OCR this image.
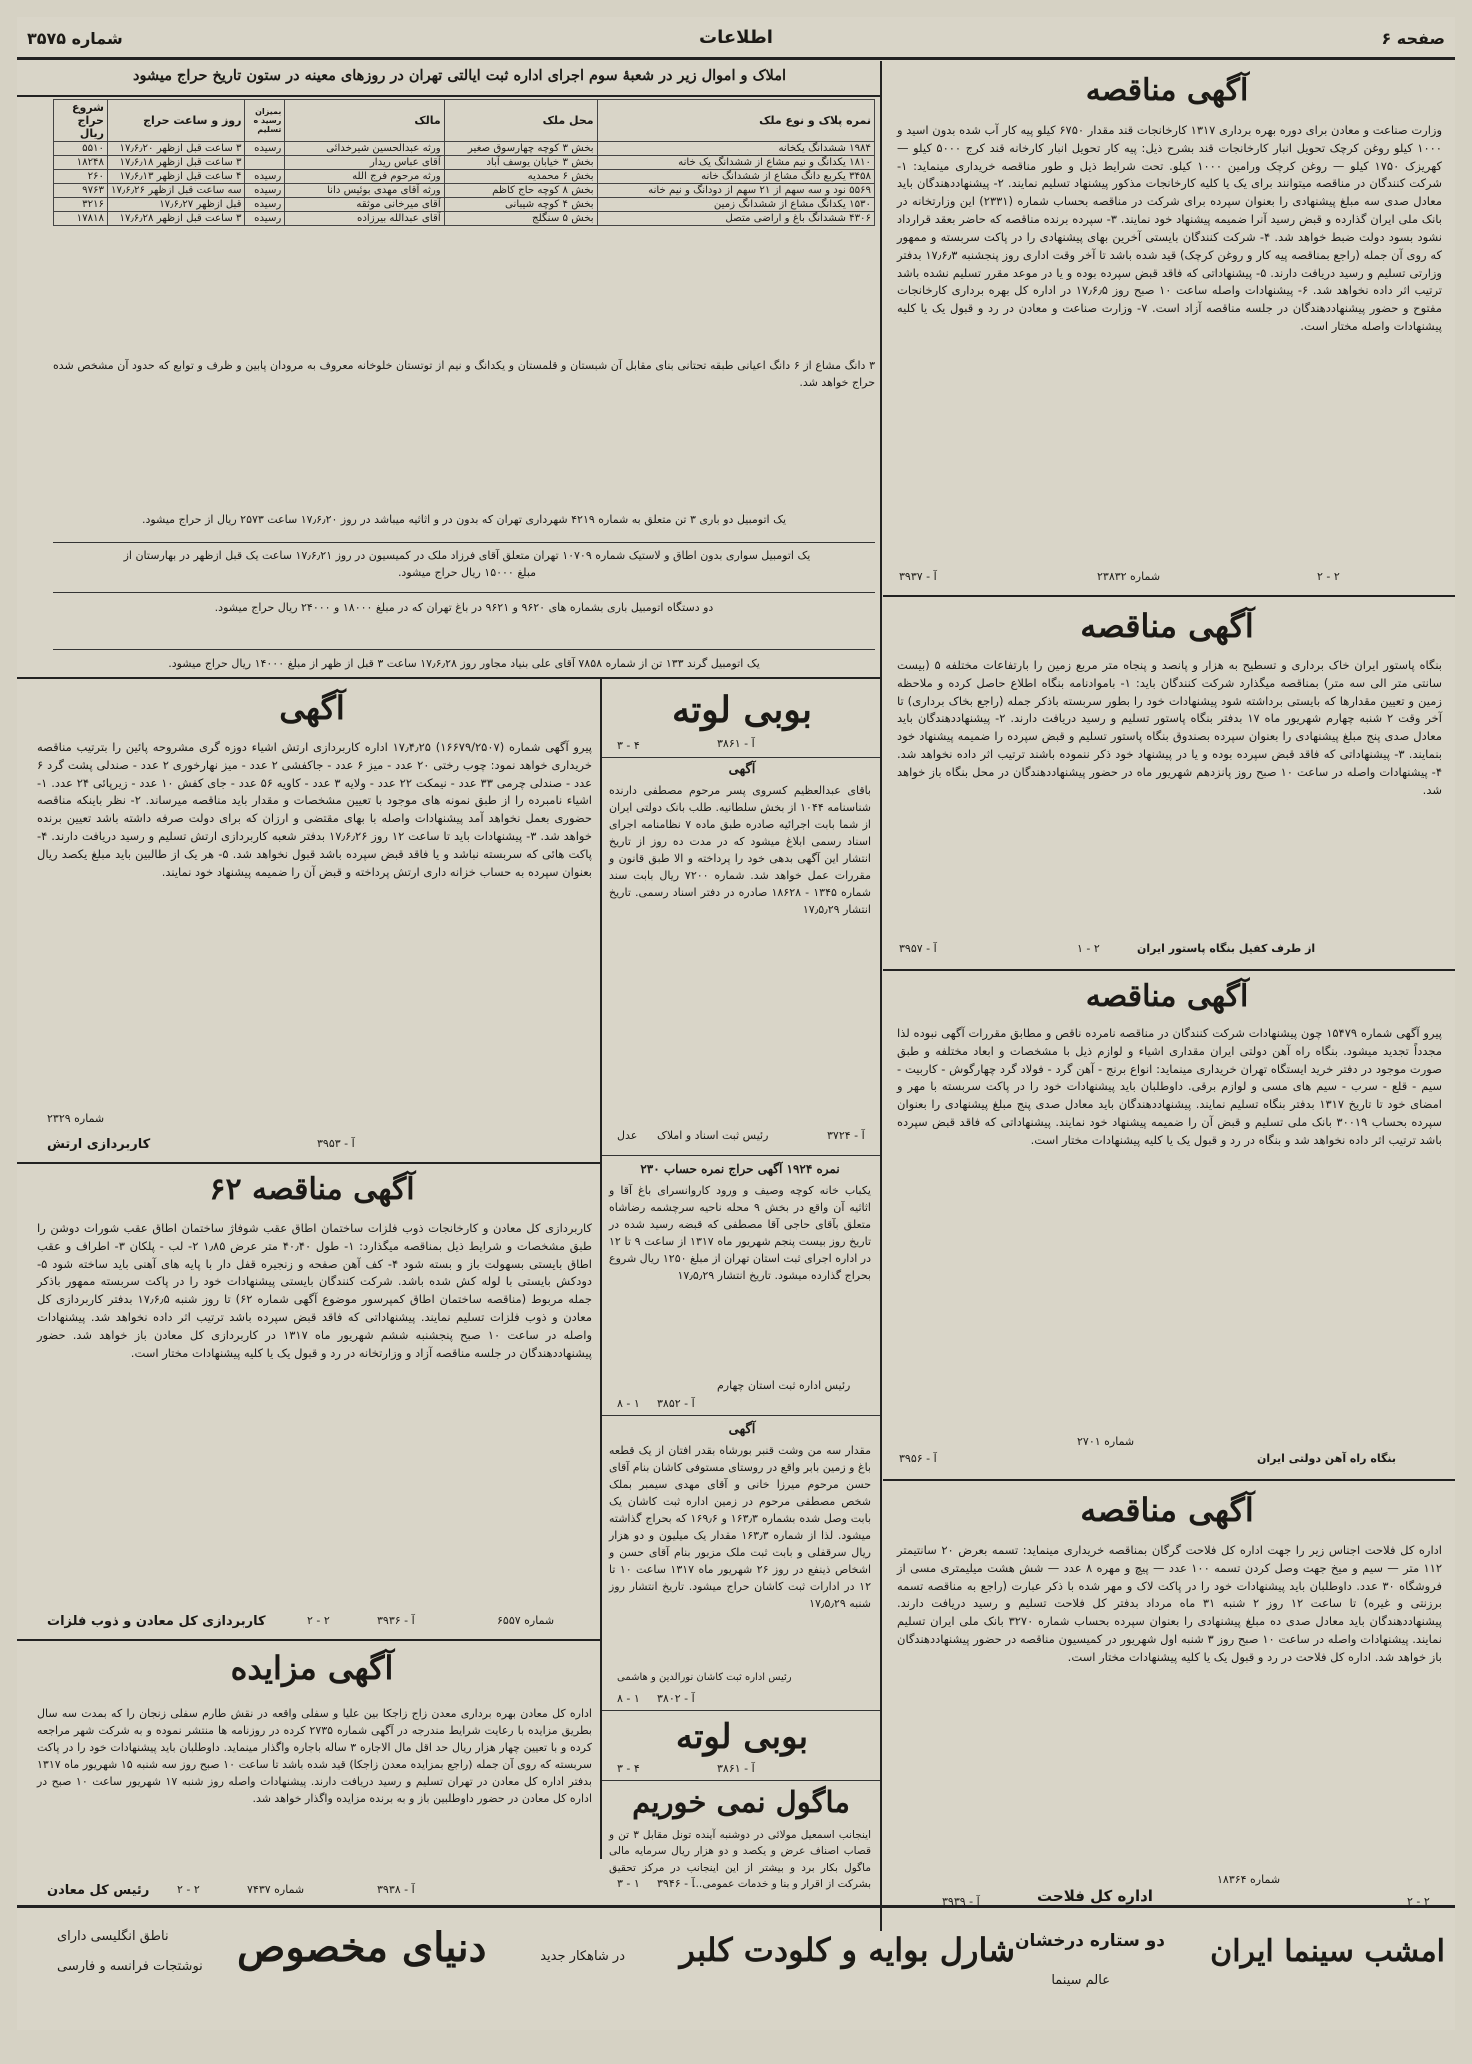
صفحه ۶
اطلاعات
شماره ۳۵۷۵
آگهی مناقصه
وزارت صناعت و معادن برای دوره بهره برداری ۱۳۱۷ کارخانجات قند مقدار ۶۷۵۰ کیلو پیه کار آب شده بدون اسید و ۱۰۰۰ کیلو روغن کرچک تحویل انبار کارخانجات قند بشرح ذیل: پیه کار تحویل انبار کارخانه قند کرج ۵۰۰۰ کیلو — کهریزک ۱۷۵۰ کیلو — روغن کرچک ورامین ۱۰۰۰ کیلو. تحت شرایط ذیل و طور مناقصه خریداری مینماید: ۱- شرکت کنندگان در مناقصه میتوانند برای یک یا کلیه کارخانجات مذکور پیشنهاد تسلیم نمایند. ۲- پیشنهاددهندگان باید معادل صدی سه مبلغ پیشنهادی را بعنوان سپرده برای شرکت در مناقصه بحساب شماره (۲۳۳۱) این وزارتخانه در بانک ملی ایران گذارده و قبض رسید آنرا ضمیمه پیشنهاد خود نمایند. ۳- سپرده برنده مناقصه که حاضر بعقد قرارداد نشود بسود دولت ضبط خواهد شد. ۴- شرکت کنندگان بایستی آخرین بهای پیشنهادی را در پاکت سربسته و ممهور که روی آن جمله (راجع بمناقصه پیه کار و روغن کرچک) قید شده باشد تا آخر وقت اداری روز پنجشنبه ۱۷٫۶٫۳ بدفتر وزارتی تسلیم و رسید دریافت دارند. ۵- پیشنهاداتی که فاقد قبض سپرده بوده و یا در موعد مقرر تسلیم نشده باشد ترتیب اثر داده نخواهد شد. ۶- پیشنهادات واصله ساعت ۱۰ صبح روز ۱۷٫۶٫۵ در اداره کل بهره برداری کارخانجات مفتوح و حضور پیشنهاددهندگان در جلسه مناقصه آزاد است. ۷- وزارت صناعت و معادن در رد و قبول یک یا کلیه پیشنهادات واصله مختار است.
آ - ۳۹۳۷	شماره ۲۳۸۳۲	۲ - ۲
آگهی مناقصه
بنگاه پاستور ایران خاک برداری و تسطیح به هزار و پانصد و پنجاه متر مربع زمین را بارتفاعات مختلفه ۵ (بیست سانتی متر الی سه متر) بمناقصه میگذارد شرکت کنندگان باید: ۱- باموادنامه بنگاه اطلاع حاصل کرده و ملاحظه زمین و تعیین مقدارها که بایستی برداشته شود پیشنهادات خود را بطور سربسته باذکر جمله (راجع بخاک برداری) تا آخر وقت ۲ شنبه چهارم شهریور ماه ۱۷ بدفتر بنگاه پاستور تسلیم و رسید دریافت دارند. ۲- پیشنهاددهندگان باید معادل صدی پنج مبلغ پیشنهادی را بعنوان سپرده بصندوق بنگاه پاستور تسلیم و قبض سپرده را ضمیمه پیشنهاد خود بنمایند. ۳- پیشنهاداتی که فاقد قبض سپرده بوده و یا در پیشنهاد خود ذکر ننموده باشند ترتیب اثر داده نخواهد شد. ۴- پیشنهادات واصله در ساعت ۱۰ صبح روز پانزدهم شهریور ماه در حضور پیشنهاددهندگان در محل بنگاه باز خواهد شد.
آ - ۳۹۵۷	از طرف کفیل بنگاه پاستور ایران
۲ - ۱
آگهی مناقصه
پیرو آگهی شماره ۱۵۴۷۹ چون پیشنهادات شرکت کنندگان در مناقصه نامرده ناقص و مطابق مقررات آگهی نبوده لذا مجدداً تجدید میشود. بنگاه راه آهن دولتی ایران مقداری اشیاء و لوازم ذیل با مشخصات و ابعاد مختلفه و طبق صورت موجود در دفتر خرید ایستگاه تهران خریداری مینماید: انواع برنج - آهن گرد - فولاد گرد چهارگوش - کاربیت - سیم - قلع - سرب - سیم های مسی و لوازم برقی. داوطلبان باید پیشنهادات خود را در پاکت سربسته با مهر و امضای خود تا تاریخ ۱۳۱۷ بدفتر بنگاه تسلیم نمایند. پیشنهاددهندگان باید معادل صدی پنج مبلغ پیشنهادی را بعنوان سپرده بحساب ۳۰۰۱۹ بانک ملی تسلیم و قبض آن را ضمیمه پیشنهاد خود نمایند. پیشنهاداتی که فاقد قبض سپرده باشد ترتیب اثر داده نخواهد شد و بنگاه در رد و قبول یک یا کلیه پیشنهادات مختار است.
آ - ۳۹۵۶
شماره ۲۷۰۱
بنگاه راه آهن دولتی ایران
آگهی مناقصه
اداره کل فلاحت اجناس زیر را جهت اداره کل فلاحت گرگان بمناقصه خریداری مینماید: تسمه بعرض ۲۰ سانتیمتر ۱۱۲ متر — سیم و میخ جهت وصل کردن تسمه ۱۰۰ عدد — پیچ و مهره ۸ عدد — شش هشت میلیمتری مسی از فروشگاه ۳۰ عدد. داوطلبان باید پیشنهادات خود را در پاکت لاک و مهر شده با ذکر عبارت (راجع به مناقصه تسمه برزنتی و غیره) تا ساعت ۱۲ روز ۲ شنبه ۳۱ ماه مرداد بدفتر کل فلاحت تسلیم و رسید دریافت دارند. پیشنهاددهندگان باید معادل صدی ده مبلغ پیشنهادی را بعنوان سپرده بحساب شماره ۳۲۷۰ بانک ملی ایران تسلیم نمایند. پیشنهادات واصله در ساعت ۱۰ صبح روز ۳ شنبه اول شهریور در کمیسیون مناقصه در حضور پیشنهاددهندگان باز خواهد شد. اداره کل فلاحت در رد و قبول یک یا کلیه پیشنهادات مختار است.
آ - ۳۹۳۹	اداره کل فلاحت
شماره ۱۸۳۶۴
۲ - ۲
املاک و اموال زیر در شعبهٔ سوم اجرای اداره ثبت ایالتی تهران در روزهای معینه در ستون تاریخ حراج میشود
نمره پلاک و نوع ملک	محل ملک	مالک	بمیزان رسید ه تسلیم	روز و ساعت حراج	شروع حراج ریال
۱۹۸۴ ششدانگ یکخانه	بخش ۳ کوچه چهارسوق صغیر	ورثه عبدالحسین شیرخدائی	رسیده	۳ ساعت قبل ازظهر ۱۷٫۶٫۲۰	۵۵۱۰
۱۸۱۰ یکدانگ و نیم مشاع از ششدانگ یک خانه	بخش ۳ خیابان یوسف آباد	آقای عباس ریدار		۳ ساعت قبل ازظهر ۱۷٫۶٫۱۸	۱۸۲۴۸
۳۴۵۸ یکربع دانگ مشاع از ششدانگ خانه	بخش ۶ محمدیه	ورثه مرحوم فرج الله	رسیده	۴ ساعت قبل ازظهر ۱۷٫۶٫۱۳	۲۶۰
۵۵۶۹ نود و سه سهم از ۲۱ سهم از دودانگ و نیم خانه	بخش ۸ کوچه حاج کاظم	ورثه آقای مهدی بوئیس دانا	رسیده	سه ساعت قبل ازظهر ۱۷٫۶٫۲۶	۹۷۶۳
۱۵۳۰ یکدانگ مشاع از ششدانگ زمین	بخش ۴ کوچه شیبانی	آقای میرخانی موثقه	رسیده	قبل ازظهر ۱۷٫۶٫۲۷	۳۲۱۶
۴۳۰۶ ششدانگ باغ و اراضی متصل	بخش ۵ سنگلج	آقای عبدالله بیرزاده	رسیده	۳ ساعت قبل ازظهر ۱۷٫۶٫۲۸	۱۷۸۱۸
۳ دانگ مشاع از ۶ دانگ اعیانی طبقه تحتانی بنای مقابل آن شبستان و قلمستان و یکدانگ و نیم از توتستان خلوخانه معروف به مرودان پابین و ظرف و توابع که حدود آن مشخص شده حراج خواهد شد.
یک اتومبیل دو باری ۳ تن متعلق به شماره ۴۲۱۹ شهرداری تهران که بدون در و اثاثیه میباشد در روز ۱۷٫۶٫۲۰ ساعت ۲۵۷۳ ریال از حراج میشود.
یک اتومبیل سواری بدون اطاق و لاستیک شماره ۱۰۷۰۹ تهران متعلق آقای فرزاد ملک در کمیسیون در روز ۱۷٫۶٫۲۱ ساعت یک قبل ازظهر در بهارستان از مبلغ ۱۵۰۰۰ ریال حراج میشود.
دو دستگاه اتومبیل باری بشماره های ۹۶۲۰ و ۹۶۲۱ در باغ تهران که در مبلغ ۱۸۰۰۰ و ۲۴۰۰۰ ریال حراج میشود.
یک اتومبیل گرند ۱۳۳ تن از شماره ۷۸۵۸ آقای علی بنیاد مجاور روز ۱۷٫۶٫۲۸ ساعت ۳ قبل از ظهر از مبلغ ۱۴۰۰۰ ریال حراج میشود.
بوبی لوته
آ - ۳۸۶۱
۴ - ۳
آگهی
باقای عبدالعظیم کسروی پسر مرحوم مصطفی دارنده شناسنامه ۱۰۴۴ از بخش سلطانیه. طلب بانک دولتی ایران از شما بابت اجرائیه صادره طبق ماده ۷ نظامنامه اجرای اسناد رسمی ابلاغ میشود که در مدت ده روز از تاریخ انتشار این آگهی بدهی خود را پرداخته و الا طبق قانون و مقررات عمل خواهد شد. شماره ۷۲۰۰ ریال بابت سند شماره ۱۳۴۵ - ۱۸۶۲۸ صادره در دفتر اسناد رسمی. تاریخ انتشار ۱۷٫۵٫۲۹
آ - ۳۷۲۴
رئیس ثبت اسناد و املاک
عدل
نمره ۱۹۲۴ آگهی حراج نمره حساب ۲۳۰
یکباب خانه کوچه وصیف و ورود کاروانسرای باغ آقا و اثاثیه آن واقع در بخش ۹ محله ناحیه سرچشمه رضاشاه متعلق بآقای حاجی آقا مصطفی که قبضه رسید شده در تاریخ روز بیست پنجم شهریور ماه ۱۳۱۷ از ساعت ۹ تا ۱۲ در اداره اجرای ثبت استان تهران از مبلغ ۱۲۵۰ ریال شروع بحراج گذارده میشود. تاریخ انتشار ۱۷٫۵٫۲۹
آ - ۳۸۵۲
رئیس اداره ثبت استان چهارم
۱ - ۸
آگهی
مقدار سه من وشت قنبر بورشاه بقدر افتان از یک قطعه باغ و زمین بابر واقع در روستای مستوفی کاشان بنام آقای حسن مرحوم میرزا خانی و آقای مهدی سیمبر بملک شخص مصطفی مرحوم در زمین اداره ثبت کاشان یک بابت وصل شده بشماره ۱۶۳٫۳ و ۱۶۹٫۶ که بحراج گذاشته میشود. لذا از شماره ۱۶۳٫۳ مقدار یک میلیون و دو هزار ریال سرقفلی و بابت ثبت ملک مزبور بنام آقای حسن و اشخاص ذینفع در روز ۲۶ شهریور ماه ۱۳۱۷ ساعت ۱۰ تا ۱۲ در ادارات ثبت کاشان حراج میشود. تاریخ انتشار روز شنبه ۱۷٫۵٫۲۹
رئیس اداره ثبت کاشان نورالدین و هاشمی
آ - ۳۸۰۲
۱ - ۸
بوبی لوته
آ - ۳۸۶۱
۴ - ۳
ماگول نمی خوریم
اینجانب اسمعیل مولائی در دوشنبه آینده تونل مقابل ۳ تن و قصاب اصناف عرض و یکصد و دو هزار ریال سرمایه مالی ماگول بکار برد و بیشتر از این اینجانب در مرکز تحقیق بشرکت از اقرار و بنا و خدمات عمومی...
آ - ۳۹۴۶
۱ - ۳
آگهی
پیرو آگهی شماره (۱۶۶۷۹/۲۵۰۷) ۱۷٫۴٫۲۵ اداره کاربردازی ارتش اشیاء دوزه گری مشروحه پائین را بترتیب مناقصه خریداری خواهد نمود: چوب رختی ۲۰ عدد - میز ۶ عدد - جاکفشی ۲ عدد - میز نهارخوری ۲ عدد - صندلی پشت گرد ۶ عدد - صندلی چرمی ۳۳ عدد - نیمکت ۲۲ عدد - ولایه ۳ عدد - کاویه ۵۶ عدد - جای کفش ۱۰ عدد - زیرپائی ۲۴ عدد. ۱- اشیاء نامبرده را از طبق نمونه های موجود با تعیین مشخصات و مقدار باید مناقصه میرساند. ۲- نظر باینکه مناقصه حضوری بعمل نخواهد آمد پیشنهادات واصله با بهای مقتضی و ارزان که برای دولت صرفه داشته باشد تعیین برنده خواهد شد. ۳- پیشنهادات باید تا ساعت ۱۲ روز ۱۷٫۶٫۲۶ بدفتر شعبه کاربردازی ارتش تسلیم و رسید دریافت دارند. ۴- پاکت هائی که سربسته نباشد و یا فاقد قبض سپرده باشد قبول نخواهد شد. ۵- هر یک از طالبین باید مبلغ یکصد ریال بعنوان سپرده به حساب خزانه داری ارتش پرداخته و قبض آن را ضمیمه پیشنهاد خود نمایند.
کاربردازی ارتش
شماره ۲۳۲۹
آ - ۳۹۵۳
آگهی مناقصه ۶۲
کاربردازی کل معادن و کارخانجات ذوب فلزات ساختمان اطاق عقب شوفاژ ساختمان اطاق عقب شورات دوشن را طبق مشخصات و شرایط ذیل بمناقصه میگذارد: ۱- طول ۴۰٫۴۰ متر عرض ۱٫۸۵ ۲- لب - پلکان ۳- اطراف و عقب اطاق بایستی بسهولت باز و بسته شود ۴- کف آهن صفحه و زنجیره قفل دار با پایه های آهنی باید ساخته شود ۵- دودکش بایستی با لوله کش شده باشد. شرکت کنندگان بایستی پیشنهادات خود را در پاکت سربسته ممهور باذکر جمله مربوط (مناقصه ساختمان اطاق کمپرسور موضوع آگهی شماره ۶۲) تا روز شنبه ۱۷٫۶٫۵ بدفتر کاربردازی کل معادن و ذوب فلزات تسلیم نمایند. پیشنهاداتی که فاقد قبض سپرده باشد ترتیب اثر داده نخواهد شد. پیشنهادات واصله در ساعت ۱۰ صبح پنجشنبه ششم شهریور ماه ۱۳۱۷ در کاربردازی کل معادن باز خواهد شد. حضور پیشنهاددهندگان در جلسه مناقصه آزاد و وزارتخانه در رد و قبول یک یا کلیه پیشنهادات مختار است.
کاربردازی کل معادن و ذوب فلزات	۲ - ۲	آ - ۳۹۳۶	شماره ۶۵۵۷
آگهی مزایده
اداره کل معادن بهره برداری معدن زاج زاجکا بین علیا و سفلی واقعه در نقش طارم سفلی زنجان را که بمدت سه سال بطریق مزایده با رعایت شرایط مندرجه در آگهی شماره ۲۷۳۵ کرده در روزنامه ها منتشر نموده و به شرکت شهر مراجعه کرده و با تعیین چهار هزار ریال حد اقل مال الاجاره ۳ ساله باجاره واگذار مینماید. داوطلبان باید پیشنهادات خود را در پاکت سربسته که روی آن جمله (راجع بمزایده معدن زاجکا) قید شده باشد تا ساعت ۱۰ صبح روز سه شنبه ۱۵ شهریور ماه ۱۳۱۷ بدفتر اداره کل معادن در تهران تسلیم و رسید دریافت دارند. پیشنهادات واصله روز شنبه ۱۷ شهریور ساعت ۱۰ صبح در اداره کل معادن در حضور داوطلبین باز و به برنده مزایده واگذار خواهد شد.
رئیس کل معادن	۲ - ۲	شماره ۷۴۳۷	آ - ۳۹۳۸
امشب سینما ایران
دو ستاره درخشان
شارل بوایه و کلودت کلبر
عالم سینما
در شاهکار جدید
دنیای مخصوص
ناطق انگلیسی دارای
نوشتجات فرانسه و فارسی
